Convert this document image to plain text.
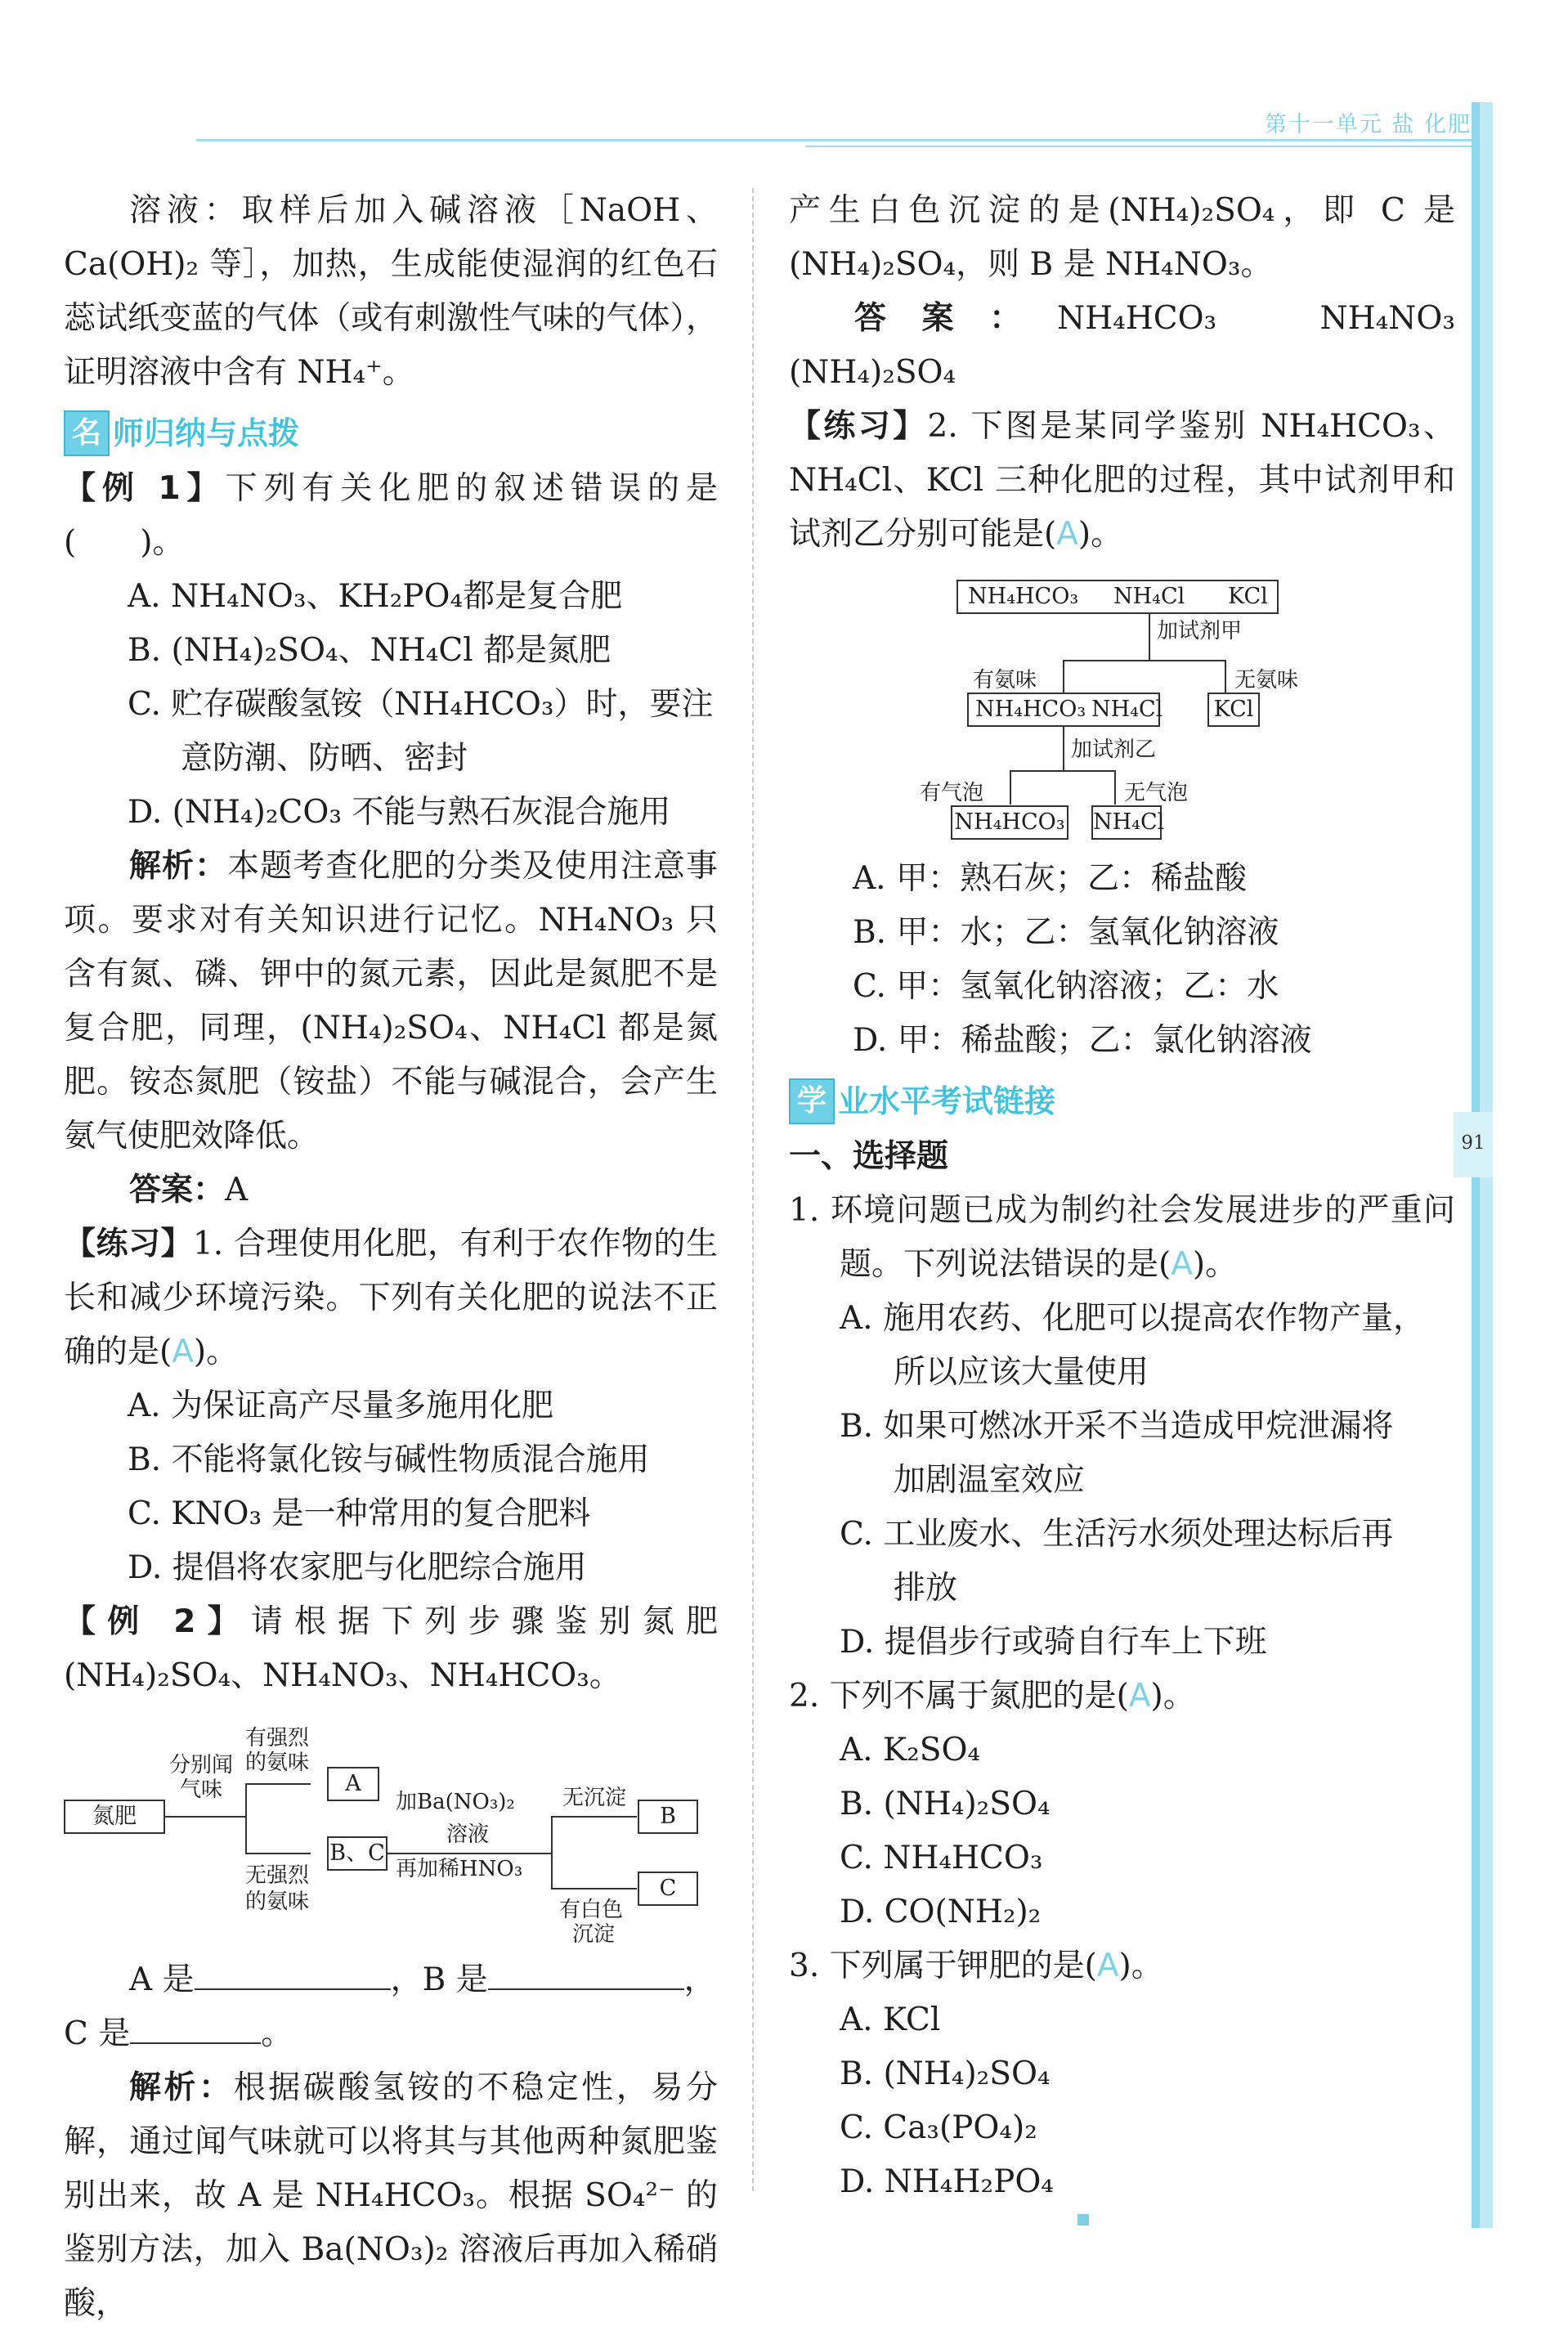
第十一单元 盐 化肥
91

溶液：取样后加入碱溶液［NaOH、Ca(OH)₂ 等］，加热，生成能使湿润的红色石蕊试纸变蓝的气体（或有刺激性气味的气体），证明溶液中含有 NH₄⁺。

名 师归纳与点拨

【例 1】下列有关化肥的叙述错误的是(　　)。

A. NH₄NO₃、KH₂PO₄都是复合肥

B. (NH₄)₂SO₄、NH₄Cl 都是氮肥

C. 贮存碳酸氢铵（NH₄HCO₃）时，要注

意防潮、防晒、密封

D. (NH₄)₂CO₃ 不能与熟石灰混合施用

解析：本题考查化肥的分类及使用注意事项。要求对有关知识进行记忆。NH₄NO₃ 只含有氮、磷、钾中的氮元素，因此是氮肥不是复合肥，同理，(NH₄)₂SO₄、NH₄Cl 都是氮肥。铵态氮肥（铵盐）不能与碱混合，会产生氨气使肥效降低。

答案：A

【练习】1. 合理使用化肥，有利于农作物的生长和减少环境污染。下列有关化肥的说法不正确的是(A)。

A. 为保证高产尽量多施用化肥

B. 不能将氯化铵与碱性物质混合施用

C. KNO₃ 是一种常用的复合肥料

D. 提倡将农家肥与化肥综合施用

【例 2】请根据下列步骤鉴别氮肥(NH₄)₂SO₄、NH₄NO₃、NH₄HCO₃。

氮肥
分别闻气味
有强烈的氨味
A
无强烈
的氨味
B、C
加Ba(NO₃)₂
溶液
再加稀HNO₃
无沉淀
B
有白色
沉淀
C

A 是	，B 是	，

C 是	。

解析：根据碳酸氢铵的不稳定性，易分解，通过闻气味就可以将其与其他两种氮肥鉴别出来，故 A 是 NH₄HCO₃。根据 SO₄²⁻ 的鉴别方法，加入 Ba(NO₃)₂ 溶液后再加入稀硝酸，

产生白色沉淀的是(NH₄)₂SO₄，即 C 是(NH₄)₂SO₄，则 B 是 NH₄NO₃。

答案：NH₄HCO₃　NH₄NO₃　(NH₄)₂SO₄

【练习】2. 下图是某同学鉴别 NH₄HCO₃、NH₄Cl、KCl 三种化肥的过程，其中试剂甲和试剂乙分别可能是(A)。

NH₄HCO₃ NH₄Cl KCl
加试剂甲
有氨味	无氨味
NH₄HCO₃ NH₄Cl KCl
加试剂乙
有气泡	无气泡
NH₄HCO₃ NH₄Cl

A. 甲：熟石灰；乙：稀盐酸

B. 甲：水；乙：氢氧化钠溶液

C. 甲：氢氧化钠溶液；乙：水

D. 甲：稀盐酸；乙：氯化钠溶液

学 业水平考试链接

一、选择题

1. 环境问题已成为制约社会发展进步的严重问题。下列说法错误的是(A)。

A. 施用农药、化肥可以提高农作物产量，

所以应该大量使用

B. 如果可燃冰开采不当造成甲烷泄漏将

加剧温室效应

C. 工业废水、生活污水须处理达标后再

排放

D. 提倡步行或骑自行车上下班

2. 下列不属于氮肥的是(A)。

A. K₂SO₄

B. (NH₄)₂SO₄

C. NH₄HCO₃

D. CO(NH₂)₂

3. 下列属于钾肥的是(A)。

A. KCl

B. (NH₄)₂SO₄

C. Ca₃(PO₄)₂

D. NH₄H₂PO₄
